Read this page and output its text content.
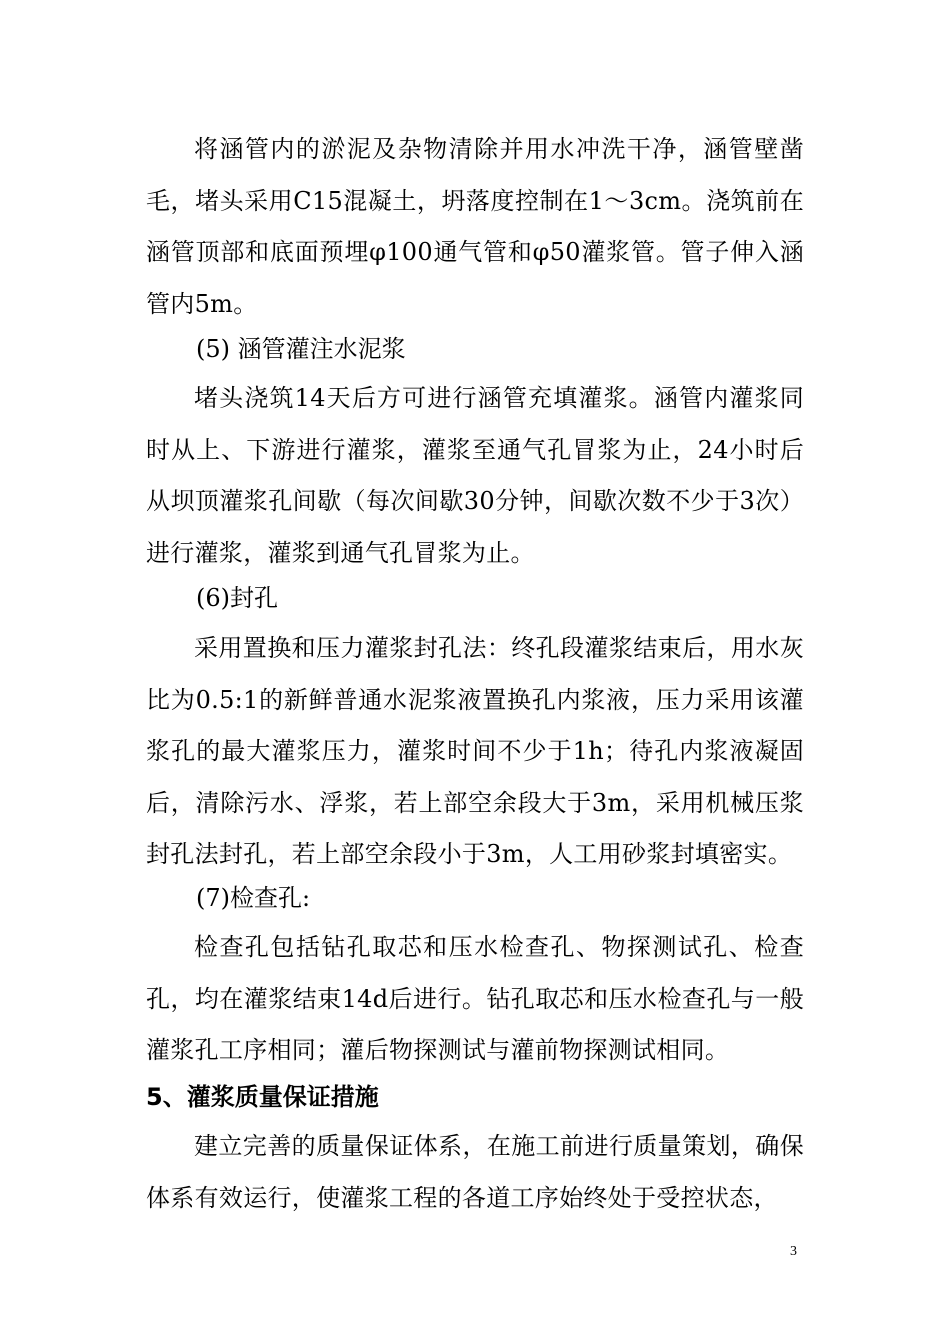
将涵管内的淤泥及杂物清除并用水冲洗干净，涵管壁凿毛，堵头采用C15混凝土，坍落度控制在1～3cm。浇筑前在涵管顶部和底面预埋φ100通气管和φ50灌浆管。管子伸入涵管内5m。

(5) 涵管灌注水泥浆

堵头浇筑14天后方可进行涵管充填灌浆。涵管内灌浆同时从上、下游进行灌浆，灌浆至通气孔冒浆为止，24小时后从坝顶灌浆孔间歇（每次间歇30分钟，间歇次数不少于3次）进行灌浆，灌浆到通气孔冒浆为止。

(6)封孔

采用置换和压力灌浆封孔法：终孔段灌浆结束后，用水灰比为0.5:1的新鲜普通水泥浆液置换孔内浆液，压力采用该灌浆孔的最大灌浆压力，灌浆时间不少于1h；待孔内浆液凝固后，清除污水、浮浆，若上部空余段大于3m，采用机械压浆封孔法封孔，若上部空余段小于3m，人工用砂浆封填密实。

(7)检查孔:

检查孔包括钻孔取芯和压水检查孔、物探测试孔、检查孔，均在灌浆结束14d后进行。钻孔取芯和压水检查孔与一般灌浆孔工序相同；灌后物探测试与灌前物探测试相同。

5、灌浆质量保证措施

建立完善的质量保证体系，在施工前进行质量策划，确保体系有效运行，使灌浆工程的各道工序始终处于受控状态，

3
